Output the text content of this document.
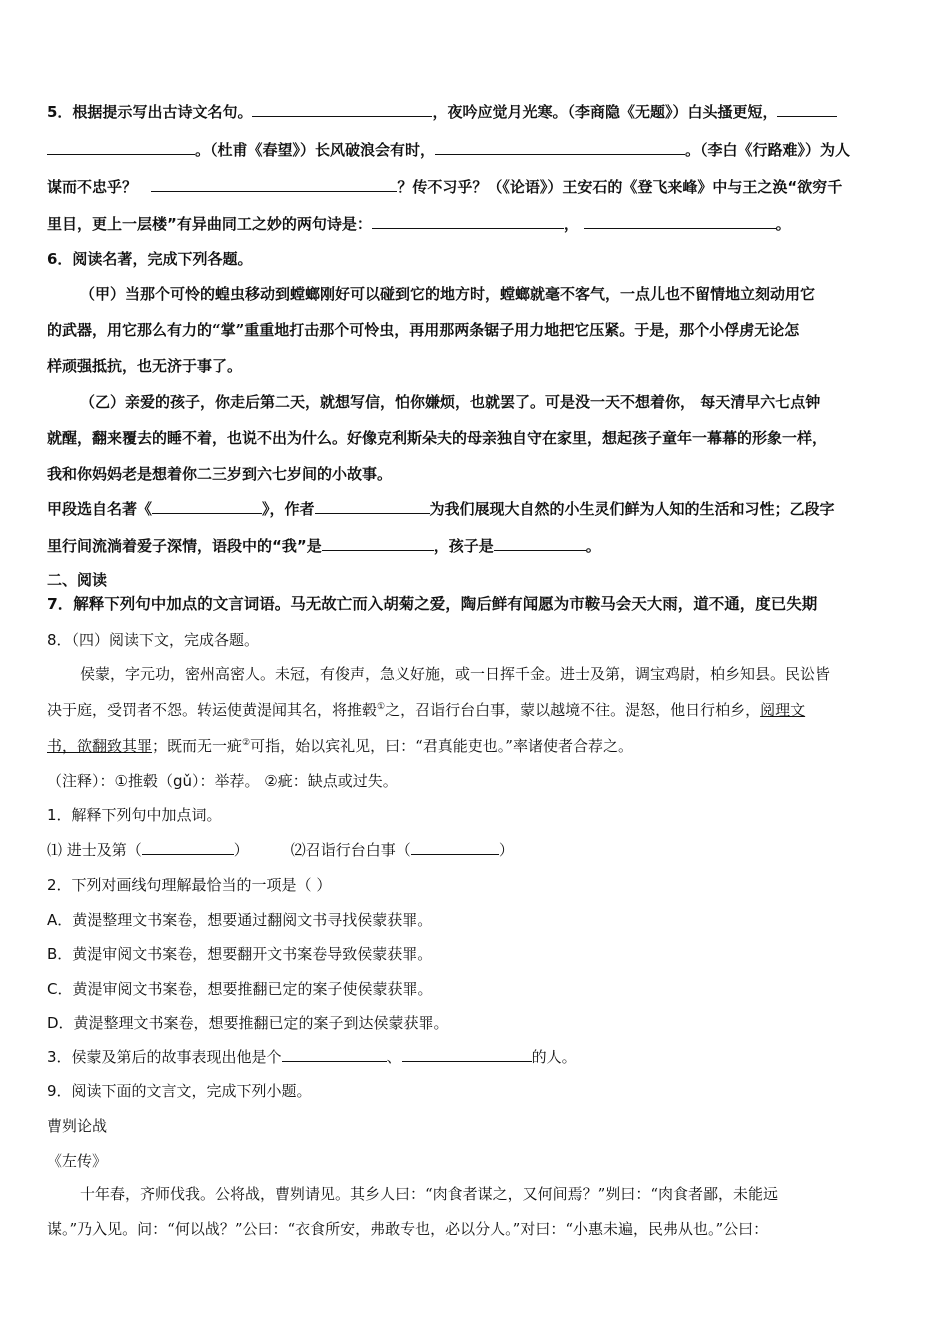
5．根据提示写出古诗文名句。	，夜吟应觉月光寒。（李商隐《无题》）白头搔更短，
。（杜甫《春望》）长风破浪会有时，	。（李白《行路难》）为人
谋而不忠乎？	？传不习乎？（《论语》）王安石的《登飞来峰》中与王之涣“欲穷千
里目，更上一层楼”有异曲同工之妙的两句诗是：	，	。
6．阅读名著，完成下列各题。
（甲）当那个可怜的蝗虫移动到螳螂刚好可以碰到它的地方时，螳螂就毫不客气，一点儿也不留情地立刻动用它
的武器，用它那么有力的“掌”重重地打击那个可怜虫，再用那两条锯子用力地把它压紧。于是，那个小俘虏无论怎
样顽强抵抗，也无济于事了。
（乙）亲爱的孩子，你走后第二天，就想写信，怕你嫌烦，也就罢了。可是没一天不想着你， 每天清早六七点钟
就醒，翻来覆去的睡不着，也说不出为什么。好像克利斯朵夫的母亲独自守在家里，想起孩子童年一幕幕的形象一样，
我和你妈妈老是想着你二三岁到六七岁间的小故事。
甲段选自名著《	》，作者	为我们展现大自然的小生灵们鲜为人知的生活和习性；乙段字
里行间流淌着爱子深情，语段中的“我”是	，孩子是	。
二、阅读
7．解释下列句中加点的文言词语。马无故亡而入胡菊之爱，陶后鲜有闻愿为市鞍马会天大雨，道不通，度已失期
8．（四）阅读下文，完成各题。
侯蒙，字元功，密州高密人。未冠，有俊声，急义好施，或一日挥千金。进士及第，调宝鸡尉，柏乡知县。民讼皆
决于庭，受罚者不怨。转运使黄湜闻其名，将推毂①之，召诣行台白事，蒙以越境不往。湜怒，他日行柏乡，阅理文
书，欲翻致其罪；既而无一疵②可指，始以宾礼见，曰：“君真能吏也。”率诸使者合荐之。
（注释）：①推毂（gǔ）：举荐。 ②疵：缺点或过失。
1．解释下列句中加点词。
⑴ 进士及第（	）	⑵召诣行台白事（	）
2．下列对画线句理解最恰当的一项是（ ）
A．黄湜整理文书案卷，想要通过翻阅文书寻找侯蒙获罪。
B．黄湜审阅文书案卷，想要翻开文书案卷导致侯蒙获罪。
C．黄湜审阅文书案卷，想要推翻已定的案子使侯蒙获罪。
D．黄湜整理文书案卷，想要推翻已定的案子到达侯蒙获罪。
3．侯蒙及第后的故事表现出他是个	、	的人。
9．阅读下面的文言文，完成下列小题。
曹刿论战
《左传》
十年春，齐师伐我。公将战，曹刿请见。其乡人曰：“肉食者谋之，又何间焉？”刿曰：“肉食者鄙，未能远
谋。”乃入见。问：“何以战？”公曰：“衣食所安，弗敢专也，必以分人。”对曰：“小惠未遍，民弗从也。”公曰：
